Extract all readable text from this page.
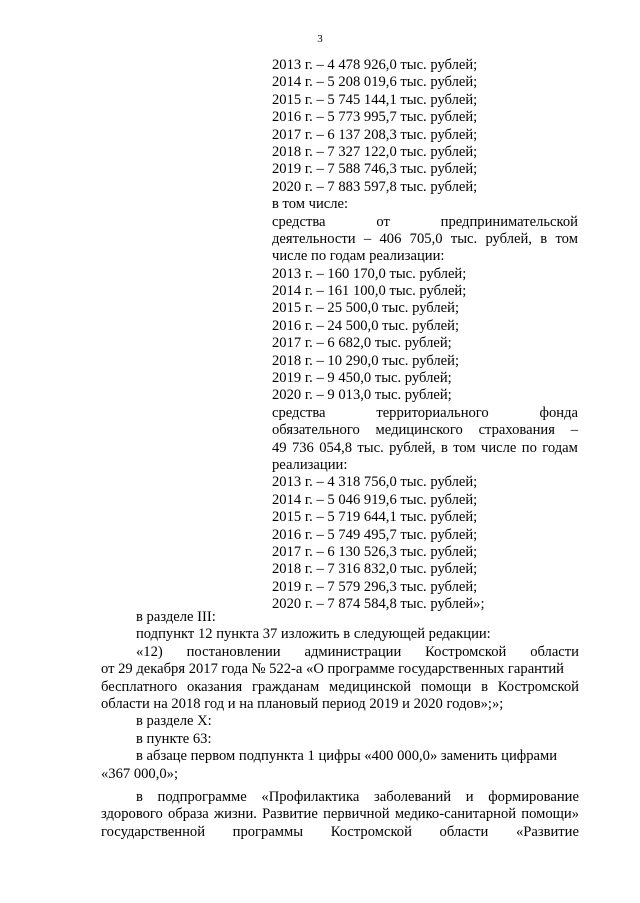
3
2013 г. – 4 478 926,0 тыс. рублей;
2014 г. – 5 208 019,6 тыс. рублей;
2015 г. – 5 745 144,1 тыс. рублей;
2016 г. – 5 773 995,7 тыс. рублей;
2017 г. – 6 137 208,3 тыс. рублей;
2018 г. – 7 327 122,0 тыс. рублей;
2019 г. – 7 588 746,3 тыс. рублей;
2020 г. – 7 883 597,8 тыс. рублей;
в том числе:
средства	от	предпринимательской
деятельности – 406 705,0 тыс. рублей, в том
числе по годам реализации:
2013 г. – 160 170,0 тыс. рублей;
2014 г. – 161 100,0 тыс. рублей;
2015 г. – 25 500,0 тыс. рублей;
2016 г. – 24 500,0 тыс. рублей;
2017 г. – 6 682,0 тыс. рублей;
2018 г. – 10 290,0 тыс. рублей;
2019 г. – 9 450,0 тыс. рублей;
2020 г. – 9 013,0 тыс. рублей;
средства	территориального	фонда
обязательного медицинского страхования –
49 736 054,8 тыс. рублей, в том числе по годам
реализации:
2013 г. – 4 318 756,0 тыс. рублей;
2014 г. – 5 046 919,6 тыс. рублей;
2015 г. – 5 719 644,1 тыс. рублей;
2016 г. – 5 749 495,7 тыс. рублей;
2017 г. – 6 130 526,3 тыс. рублей;
2018 г. – 7 316 832,0 тыс. рублей;
2019 г. – 7 579 296,3 тыс. рублей;
2020 г. – 7 874 584,8 тыс. рублей»;
в разделе III:
подпункт 12 пункта 37 изложить в следующей редакции:
«12) постановлении администрации Костромской области
от 29 декабря 2017 года № 522-а «О программе государственных гарантий
бесплатного оказания гражданам медицинской помощи в Костромской
области на 2018 год и на плановый период 2019 и 2020 годов»;»;
в разделе X:
в пункте 63:
в абзаце первом подпункта 1 цифры «400 000,0» заменить цифрами
«367 000,0»;
в подпрограмме «Профилактика заболеваний и формирование
здорового образа жизни. Развитие первичной медико-санитарной помощи»
государственной программы Костромской области «Развитие
